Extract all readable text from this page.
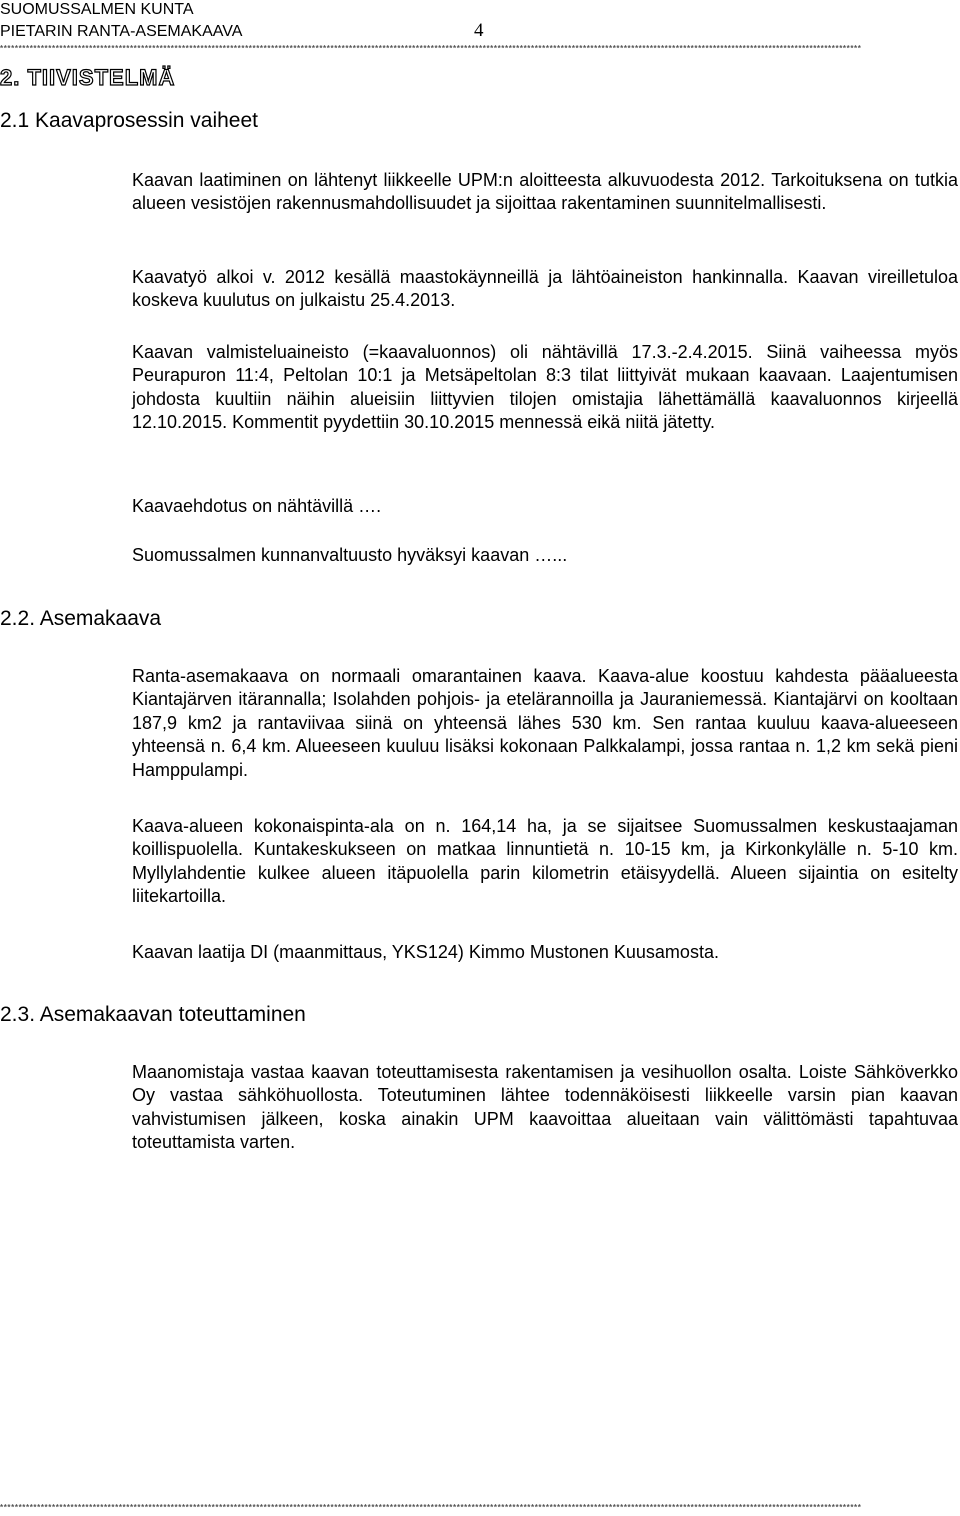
SUOMUSSALMEN KUNTA
PIETARIN RANTA-ASEMAKAAVA	4
****************************************************************************************************************************************************************************************************************************************
2. TIIVISTELMÄ
2.1 Kaavaprosessin vaiheet
Kaavan laatiminen on lähtenyt liikkeelle UPM:n aloitteesta alkuvuodesta 2012. Tarkoituksena on tutkia alueen vesistöjen rakennusmahdollisuudet ja sijoittaa rakentaminen suunnitelmallisesti.
Kaavatyö alkoi v. 2012 kesällä maastokäynneillä ja lähtöaineiston hankinnalla. Kaavan vireilletuloa koskeva kuulutus on julkaistu 25.4.2013.
Kaavan valmisteluaineisto (=kaavaluonnos) oli nähtävillä 17.3.-2.4.2015. Siinä vaiheessa myös Peurapuron 11:4, Peltolan 10:1 ja Metsäpeltolan 8:3 tilat liittyivät mukaan kaavaan. Laajentumisen johdosta kuultiin näihin alueisiin liittyvien tilojen omistajia lähettämällä kaavaluonnos kirjeellä 12.10.2015. Kommentit pyydettiin 30.10.2015 mennessä eikä niitä jätetty.
Kaavaehdotus on nähtävillä ….
Suomussalmen kunnanvaltuusto hyväksyi kaavan …...
2.2. Asemakaava
Ranta-asemakaava on normaali omarantainen kaava. Kaava-alue koostuu kahdesta pääalueesta Kiantajärven itärannalla; Isolahden pohjois- ja etelärannoilla ja Jauraniemessä. Kiantajärvi on kooltaan 187,9 km2 ja rantaviivaa siinä on yhteensä lähes 530 km. Sen rantaa kuuluu kaava-alueeseen yhteensä n. 6,4 km. Alueeseen kuuluu lisäksi kokonaan Palkkalampi, jossa rantaa n. 1,2 km sekä pieni Hamppulampi.
Kaava-alueen kokonaispinta-ala on n. 164,14 ha, ja se sijaitsee Suomussalmen keskustaajaman koillispuolella. Kuntakeskukseen on matkaa linnuntietä n. 10-15 km, ja Kirkonkylälle n. 5-10 km. Myllylahdentie kulkee alueen itäpuolella parin kilometrin etäisyydellä. Alueen sijaintia on esitelty liitekartoilla.
Kaavan laatija DI (maanmittaus, YKS124) Kimmo Mustonen Kuusamosta.
2.3. Asemakaavan toteuttaminen
Maanomistaja vastaa kaavan toteuttamisesta rakentamisen ja vesihuollon osalta. Loiste Sähköverkko Oy vastaa sähköhuollosta. Toteutuminen lähtee todennäköisesti liikkeelle varsin pian kaavan vahvistumisen jälkeen, koska ainakin UPM kaavoittaa alueitaan vain välittömästi tapahtuvaa toteuttamista varten.
****************************************************************************************************************************************************************************************************************************************
